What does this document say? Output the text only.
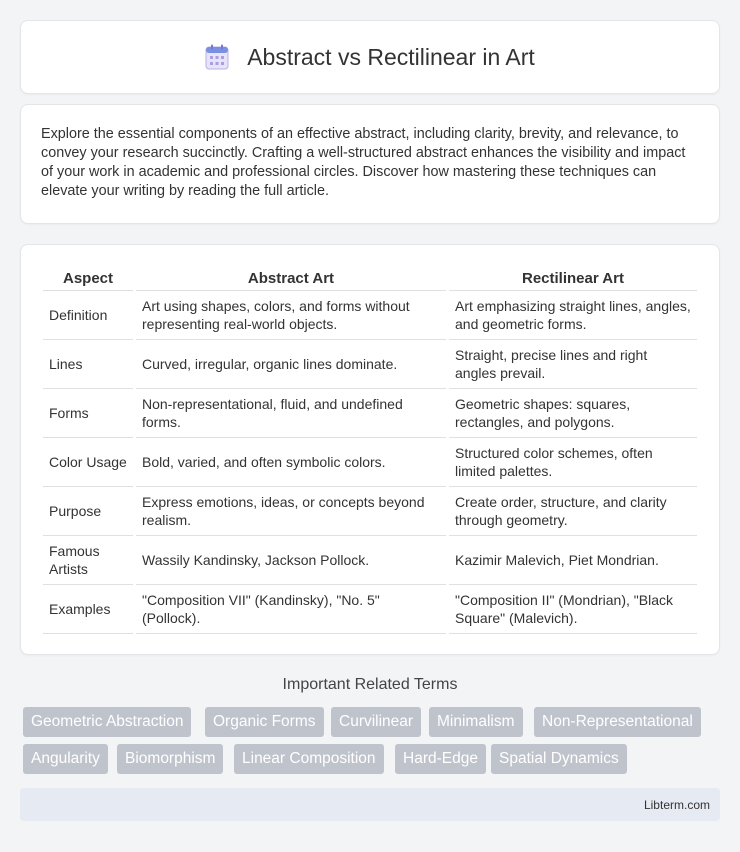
Abstract vs Rectilinear in Art

Explore the essential components of an effective abstract, including clarity, brevity, and relevance, to convey your research succinctly. Crafting a well-structured abstract enhances the visibility and impact of your work in academic and professional circles. Discover how mastering these techniques can elevate your writing by reading the full article.

Aspect	Abstract Art	Rectilinear Art
Definition	Art using shapes, colors, and forms without representing real-world objects.	Art emphasizing straight lines, angles, and geometric forms.
Lines	Curved, irregular, organic lines dominate.	Straight, precise lines and right angles prevail.
Forms	Non-representational, fluid, and undefined forms.	Geometric shapes: squares, rectangles, and polygons.
Color Usage	Bold, varied, and often symbolic colors.	Structured color schemes, often limited palettes.
Purpose	Express emotions, ideas, or concepts beyond realism.	Create order, structure, and clarity through geometry.
Famous Artists	Wassily Kandinsky, Jackson Pollock.	Kazimir Malevich, Piet Mondrian.
Examples	"Composition VII" (Kandinsky), "No. 5" (Pollock).	"Composition II" (Mondrian), "Black Square" (Malevich).
Important Related Terms
Geometric Abstraction	Organic Forms	Curvilinear	Minimalism	Non-Representational
Angularity	Biomorphism	Linear Composition	Hard-Edge	Spatial Dynamics
Libterm.com
